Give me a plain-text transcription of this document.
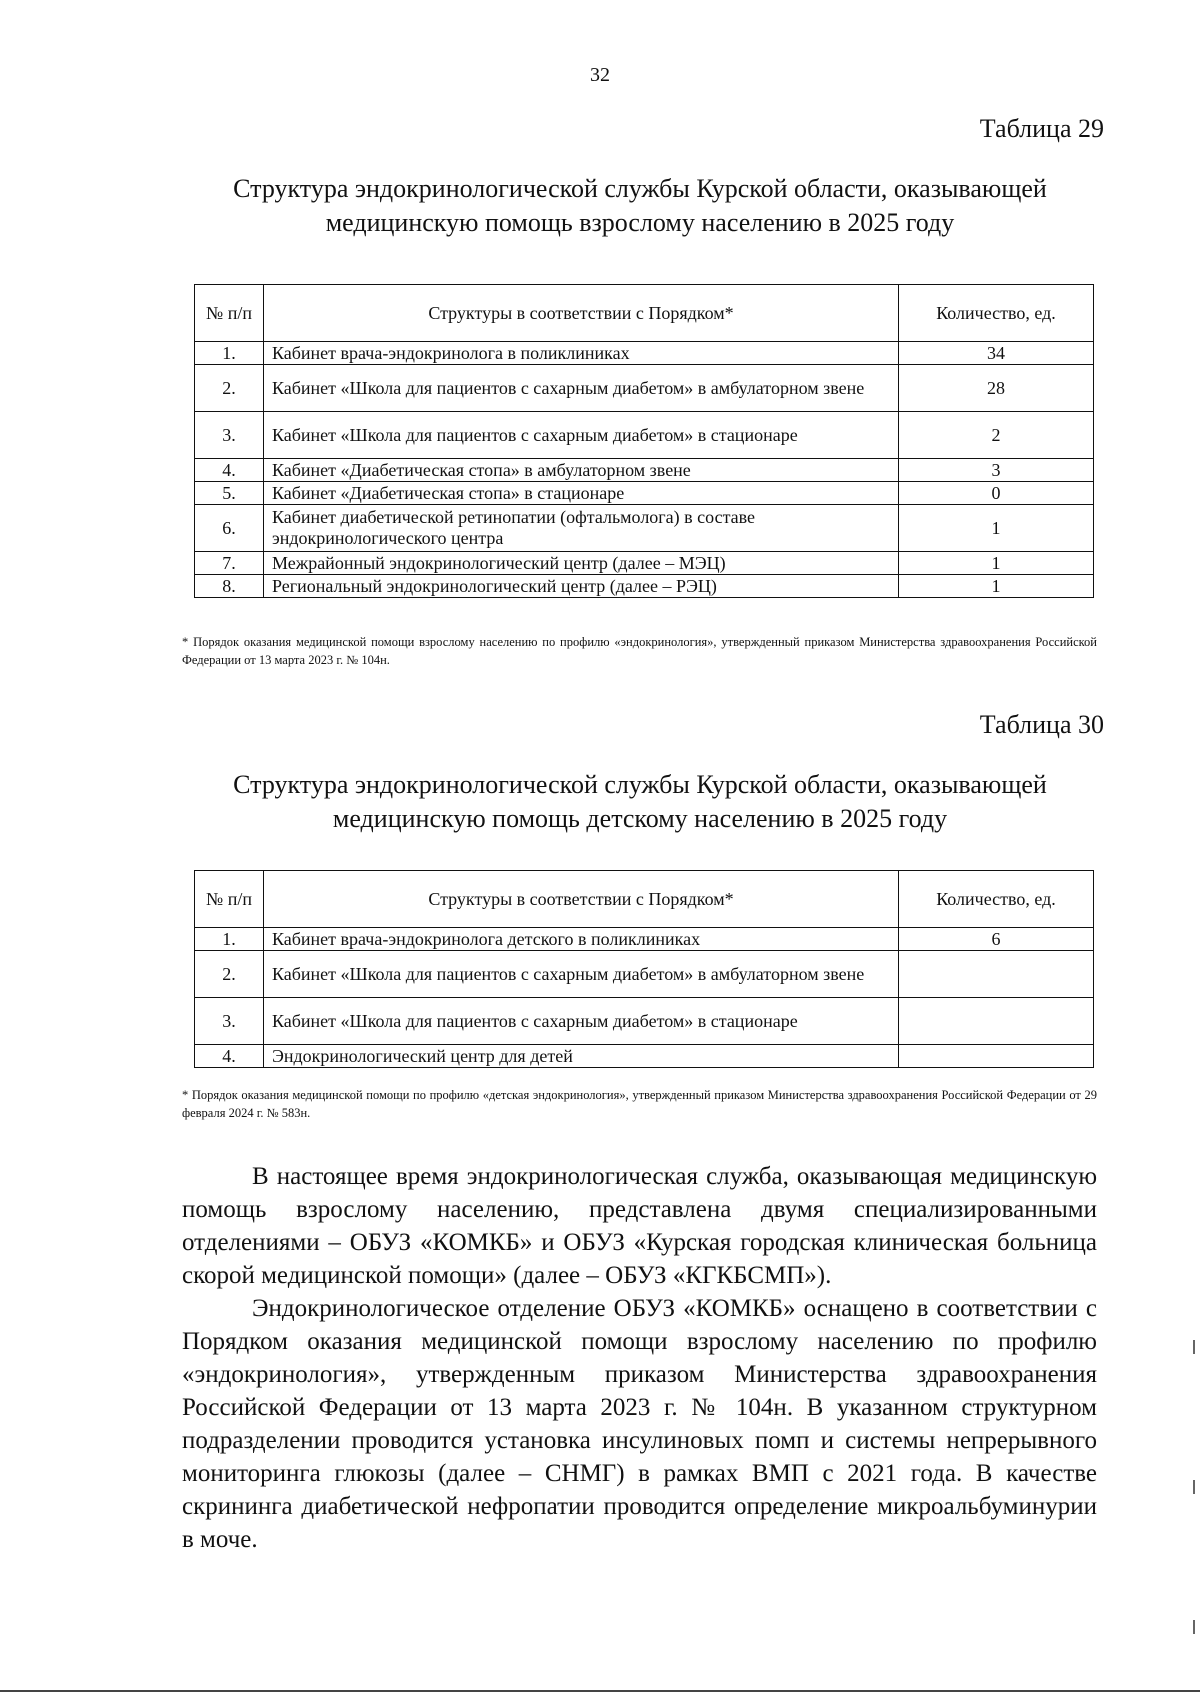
32
Таблица 29
Структура эндокринологической службы Курской области, оказывающей медицинскую помощь взрослому населению в 2025 году
№ п/п	Структуры в соответствии с Порядком*	Количество, ед.
1.	Кабинет врача-эндокринолога в поликлиниках	34
2.	Кабинет «Школа для пациентов с сахарным диабетом» в амбулаторном звене	28
3.	Кабинет «Школа для пациентов с сахарным диабетом» в стационаре	2
4.	Кабинет «Диабетическая стопа» в амбулаторном звене	3
5.	Кабинет «Диабетическая стопа» в стационаре	0
6.	Кабинет диабетической ретинопатии (офтальмолога) в составе эндокринологического центра	1
7.	Межрайонный эндокринологический центр (далее – МЭЦ)	1
8.	Региональный эндокринологический центр (далее – РЭЦ)	1
* Порядок оказания медицинской помощи взрослому населению по профилю «эндокринология», утвержденный приказом Министерства здравоохранения Российской Федерации от 13 марта 2023 г. № 104н.
Таблица 30
Структура эндокринологической службы Курской области, оказывающей медицинскую помощь детскому населению в 2025 году
№ п/п	Структуры в соответствии с Порядком*	Количество, ед.
1.	Кабинет врача-эндокринолога детского в поликлиниках	6
2.	Кабинет «Школа для пациентов с сахарным диабетом» в амбулаторном звене	
3.	Кабинет «Школа для пациентов с сахарным диабетом» в стационаре	
4.	Эндокринологический центр для детей	
* Порядок оказания медицинской помощи по профилю «детская эндокринология», утвержденный приказом Министерства здравоохранения Российской Федерации от 29 февраля 2024 г. № 583н.

В настоящее время эндокринологическая служба, оказывающая медицинскую помощь взрослому населению, представлена двумя специализированными отделениями – ОБУЗ «КОМКБ» и ОБУЗ «Курская городская клиническая больница скорой медицинской помощи» (далее – ОБУЗ «КГКБСМП»).

Эндокринологическое отделение ОБУЗ «КОМКБ» оснащено в соответствии с Порядком оказания медицинской помощи взрослому населению по профилю «эндокринология», утвержденным приказом Министерства здравоохранения Российской Федерации от 13 марта 2023 г. № 104н. В указанном структурном подразделении проводится установка инсулиновых помп и системы непрерывного мониторинга глюкозы (далее – СНМГ) в рамках ВМП с 2021 года. В качестве скрининга диабетической нефропатии проводится определение микроальбуминурии в моче.
